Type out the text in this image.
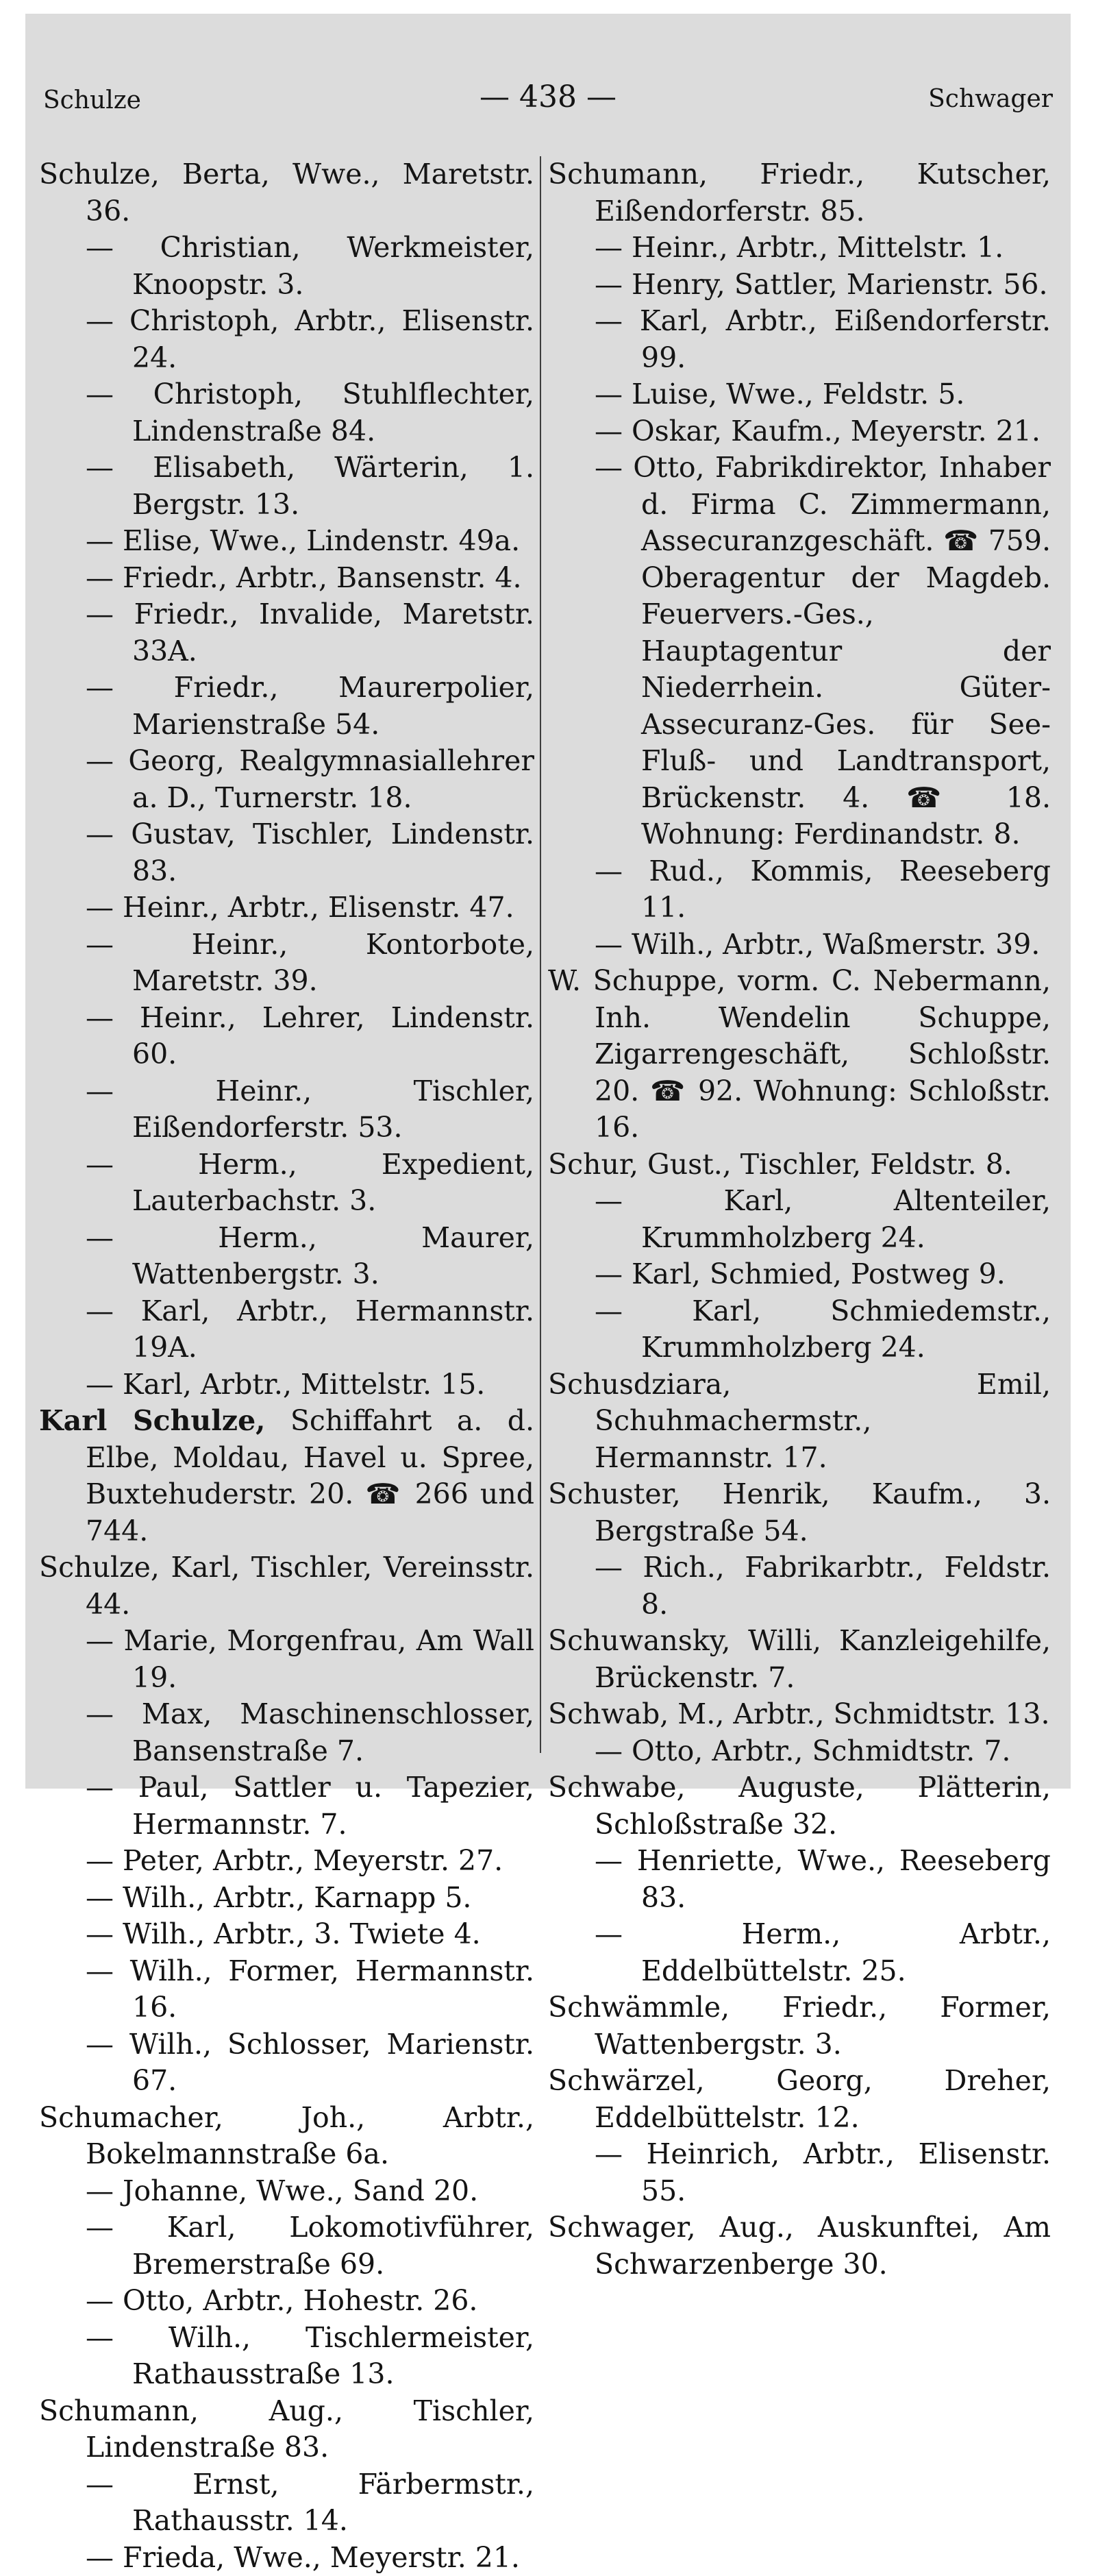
Schulze	— 438 —	Schwager

Schulze, Berta, Wwe., Maretstr. 36.

— Christian, Werkmeister, Knoopstr. 3.

— Christoph, Arbtr., Elisenstr. 24.

— Christoph, Stuhlflechter, Lindenstraße 84.

— Elisabeth, Wärterin, 1. Bergstr. 13.

— Elise, Wwe., Lindenstr. 49a.

— Friedr., Arbtr., Bansenstr. 4.

— Friedr., Invalide, Maretstr. 33A.

— Friedr., Maurerpolier, Marienstraße 54.

— Georg, Realgymnasiallehrer a. D., Turnerstr. 18.

— Gustav, Tischler, Lindenstr. 83.

— Heinr., Arbtr., Elisenstr. 47.

— Heinr., Kontorbote, Maretstr. 39.

— Heinr., Lehrer, Lindenstr. 60.

— Heinr., Tischler, Eißendorferstr. 53.

— Herm., Expedient, Lauterbachstr. 3.

— Herm., Maurer, Wattenbergstr. 3.

— Karl, Arbtr., Hermannstr. 19A.

— Karl, Arbtr., Mittelstr. 15.

Karl Schulze, Schiffahrt a. d. Elbe, Moldau, Havel u. Spree, Buxtehuderstr. 20. ☎ 266 und 744.

Schulze, Karl, Tischler, Vereinsstr. 44.

— Marie, Morgenfrau, Am Wall 19.

— Max, Maschinenschlosser, Bansenstraße 7.

— Paul, Sattler u. Tapezier, Hermannstr. 7.

— Peter, Arbtr., Meyerstr. 27.

— Wilh., Arbtr., Karnapp 5.

— Wilh., Arbtr., 3. Twiete 4.

— Wilh., Former, Hermannstr. 16.

— Wilh., Schlosser, Marienstr. 67.

Schumacher, Joh., Arbtr., Bokelmannstraße 6a.

— Johanne, Wwe., Sand 20.

— Karl, Lokomotivführer, Bremerstraße 69.

— Otto, Arbtr., Hohestr. 26.

— Wilh., Tischlermeister, Rathausstraße 13.

Schumann, Aug., Tischler, Lindenstraße 83.

— Ernst, Färbermstr., Rathausstr. 14.

— Frieda, Wwe., Meyerstr. 21.

Schumann, Friedr., Kutscher, Eißendorferstr. 85.

— Heinr., Arbtr., Mittelstr. 1.

— Henry, Sattler, Marienstr. 56.

— Karl, Arbtr., Eißendorferstr. 99.

— Luise, Wwe., Feldstr. 5.

— Oskar, Kaufm., Meyerstr. 21.

— Otto, Fabrikdirektor, Inhaber d. Firma C. Zimmermann, Assecuranzgeschäft. ☎ 759. Oberagentur der Magdeb. Feuervers.-Ges., Hauptagentur der Niederrhein. Güter-Assecuranz-Ges. für See- Fluß- und Landtransport, Brückenstr. 4. ☎ 18. Wohnung: Ferdinandstr. 8.

— Rud., Kommis, Reeseberg 11.

— Wilh., Arbtr., Waßmerstr. 39.

W. Schuppe, vorm. C. Nebermann, Inh. Wendelin Schuppe, Zigarrengeschäft, Schloßstr. 20. ☎ 92. Wohnung: Schloßstr. 16.

Schur, Gust., Tischler, Feldstr. 8.

— Karl, Altenteiler, Krummholzberg 24.

— Karl, Schmied, Postweg 9.

— Karl, Schmiedemstr., Krummholzberg 24.

Schusdziara, Emil, Schuhmachermstr., Hermannstr. 17.

Schuster, Henrik, Kaufm., 3. Bergstraße 54.

— Rich., Fabrikarbtr., Feldstr. 8.

Schuwansky, Willi, Kanzleigehilfe, Brückenstr. 7.

Schwab, M., Arbtr., Schmidtstr. 13.

— Otto, Arbtr., Schmidtstr. 7.

Schwabe, Auguste, Plätterin, Schloßstraße 32.

— Henriette, Wwe., Reeseberg 83.

— Herm., Arbtr., Eddelbüttelstr. 25.

Schwämmle, Friedr., Former, Wattenbergstr. 3.

Schwärzel, Georg, Dreher, Eddelbüttelstr. 12.

— Heinrich, Arbtr., Elisenstr. 55.

Schwager, Aug., Auskunftei, Am Schwarzenberge 30.
